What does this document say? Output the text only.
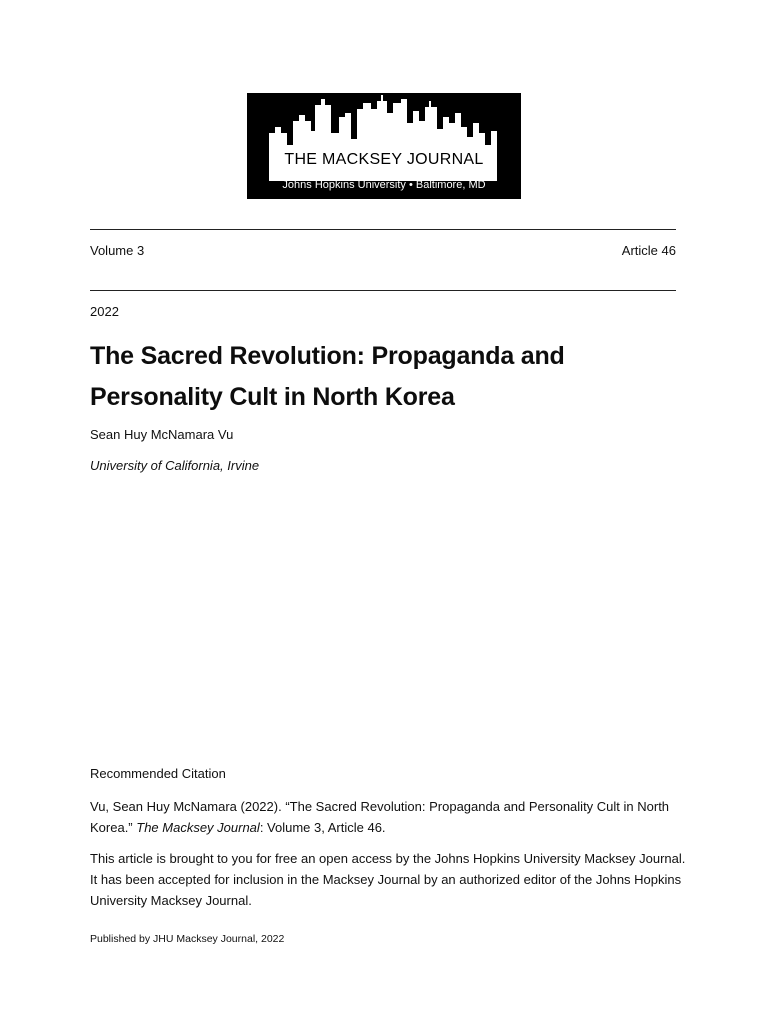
THE MACKSEY JOURNAL
Johns Hopkins University • Baltimore, MD
Volume 3	Article 46
2022
The Sacred Revolution: Propaganda and
Personality Cult in North Korea
Sean Huy McNamara Vu
University of California, Irvine
Recommended Citation
Vu, Sean Huy McNamara (2022). “The Sacred Revolution: Propaganda and Personality Cult in North Korea.” The Macksey Journal: Volume 3, Article 46.
This article is brought to you for free an open access by the Johns Hopkins University Macksey Journal. It has been accepted for inclusion in the Macksey Journal by an authorized editor of the Johns Hopkins University Macksey Journal.
Published by JHU Macksey Journal, 2022
